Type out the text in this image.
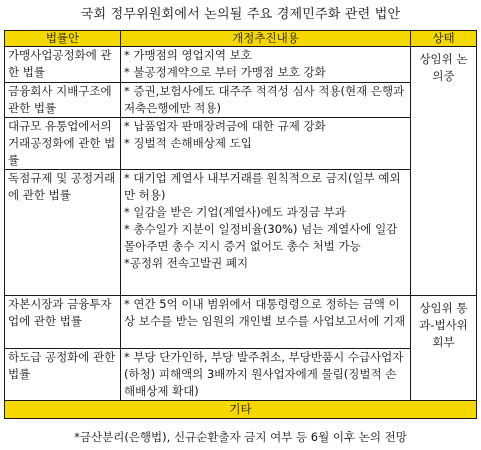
국회 정무위원회에서 논의될 주요 경제민주화 관련 법안
법률안	개정추진내용	상태
가맹사업공정화에 관한 법률	* 가맹점의 영업지역 보호
* 불공정계약으로 부터 가맹점 보호 강화	상임위 논의중
금융회사 지배구조에 관한 법률	* 증권,보험사에도 대주주 적격성 심사 적용(현재 은행과 저축은행에만 적용)	

대규모 유통업에서의 거래공정화에 관한 법률	* 납품업자 판매장려금에 대한 규제 강화
* 징벌적 손해배상제 도입	

독점규제 및 공정거래에 관한 법률	* 대기업 계열사 내부거래를 원칙적으로 금지(일부 예외만 허용)
* 일감을 받은 기업(계열사)에도 과징금 부과
* 총수일가 지분이 일정비율(30%) 넘는 계열사에 일감 몰아주면 총수 지시 증거 없어도 총수 처벌 가능
*공정위 전속고발권 폐지	

자본시장과 금융투자업에 관한 법률	* 연간 5억 이내 범위에서 대통령령으로 정하는 금액 이상 보수를 받는 임원의 개인별 보수를 사업보고서에 기재	상임위 통과-법사위 회부
하도급 공정화에 관한 법률	* 부당 단가인하, 부당 발주취소, 부당반품시 수급사업자(하청) 피해액의 3배까지 원사업자에게 물림(징벌적 손해배상제 확대)	

기타		
*금산분리(은행법), 신규순환출자 금지 여부 등 6월 이후 논의 전망
